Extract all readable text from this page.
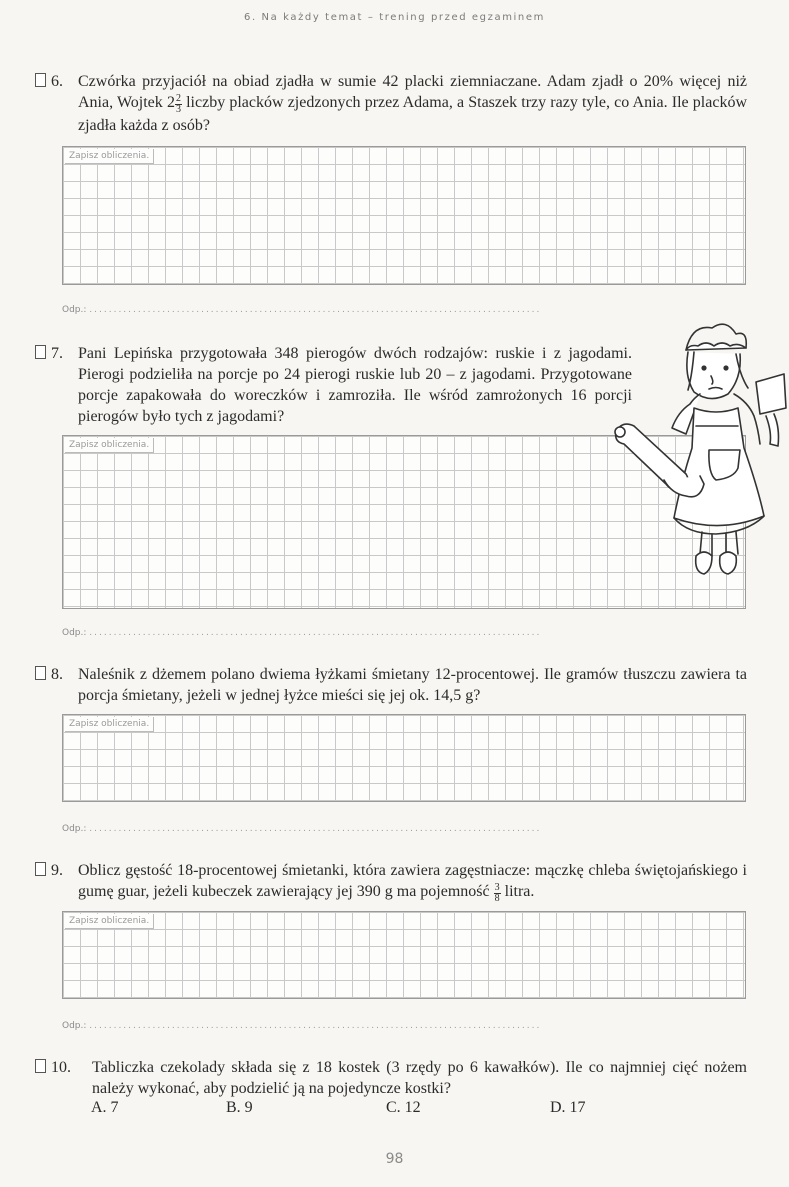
6. Na każdy temat – trening przed egzaminem
6. Czwórka przyjaciół na obiad zjadła w sumie 42 placki ziemniaczane. Adam zjadł o 20% więcej niż Ania, Wojtek $2 \frac{2}{3}$ liczby placków zjedzonych przez Adama, a Staszek trzy razy tyle, co Ania. Ile placków zjadła każda z osób?
Zapisz obliczenia.
Odp.: .............................................................................................
7. Pani Lepińska przygotowała 348 pierogów dwóch rodzajów: ruskie i z jagodami. Pierogi podzieliła na porcje po 24 pierogi ruskie lub 20 – z jagodami. Przygotowane porcje zapakowała do woreczków i zamroziła. Ile wśród zamrożonych 16 porcji pierogów było tych z jagodami?
Zapisz obliczenia.
Odp.: .............................................................................................
8. Naleśnik z dżemem polano dwiema łyżkami śmietany 12-procentowej. Ile gramów tłuszczu zawiera ta porcja śmietany, jeżeli w jednej łyżce mieści się jej ok. 14,5 g?
Zapisz obliczenia.
Odp.: .............................................................................................
9. Oblicz gęstość 18-procentowej śmietanki, która zawiera zagęstniacze: mączkę chleba świętojańskiego i gumę guar, jeżeli kubeczek zawierający jej 390 g ma pojemność $\frac{3}{8}$ litra.
Zapisz obliczenia.
Odp.: .............................................................................................
10.	Tabliczka czekolady składa się z 18 kostek (3 rzędy po 6 kawałków). Ile co najmniej cięć nożem należy wykonać, aby podzielić ją na pojedyncze kostki?
A. 7	B. 9	C. 12	D. 17
98
